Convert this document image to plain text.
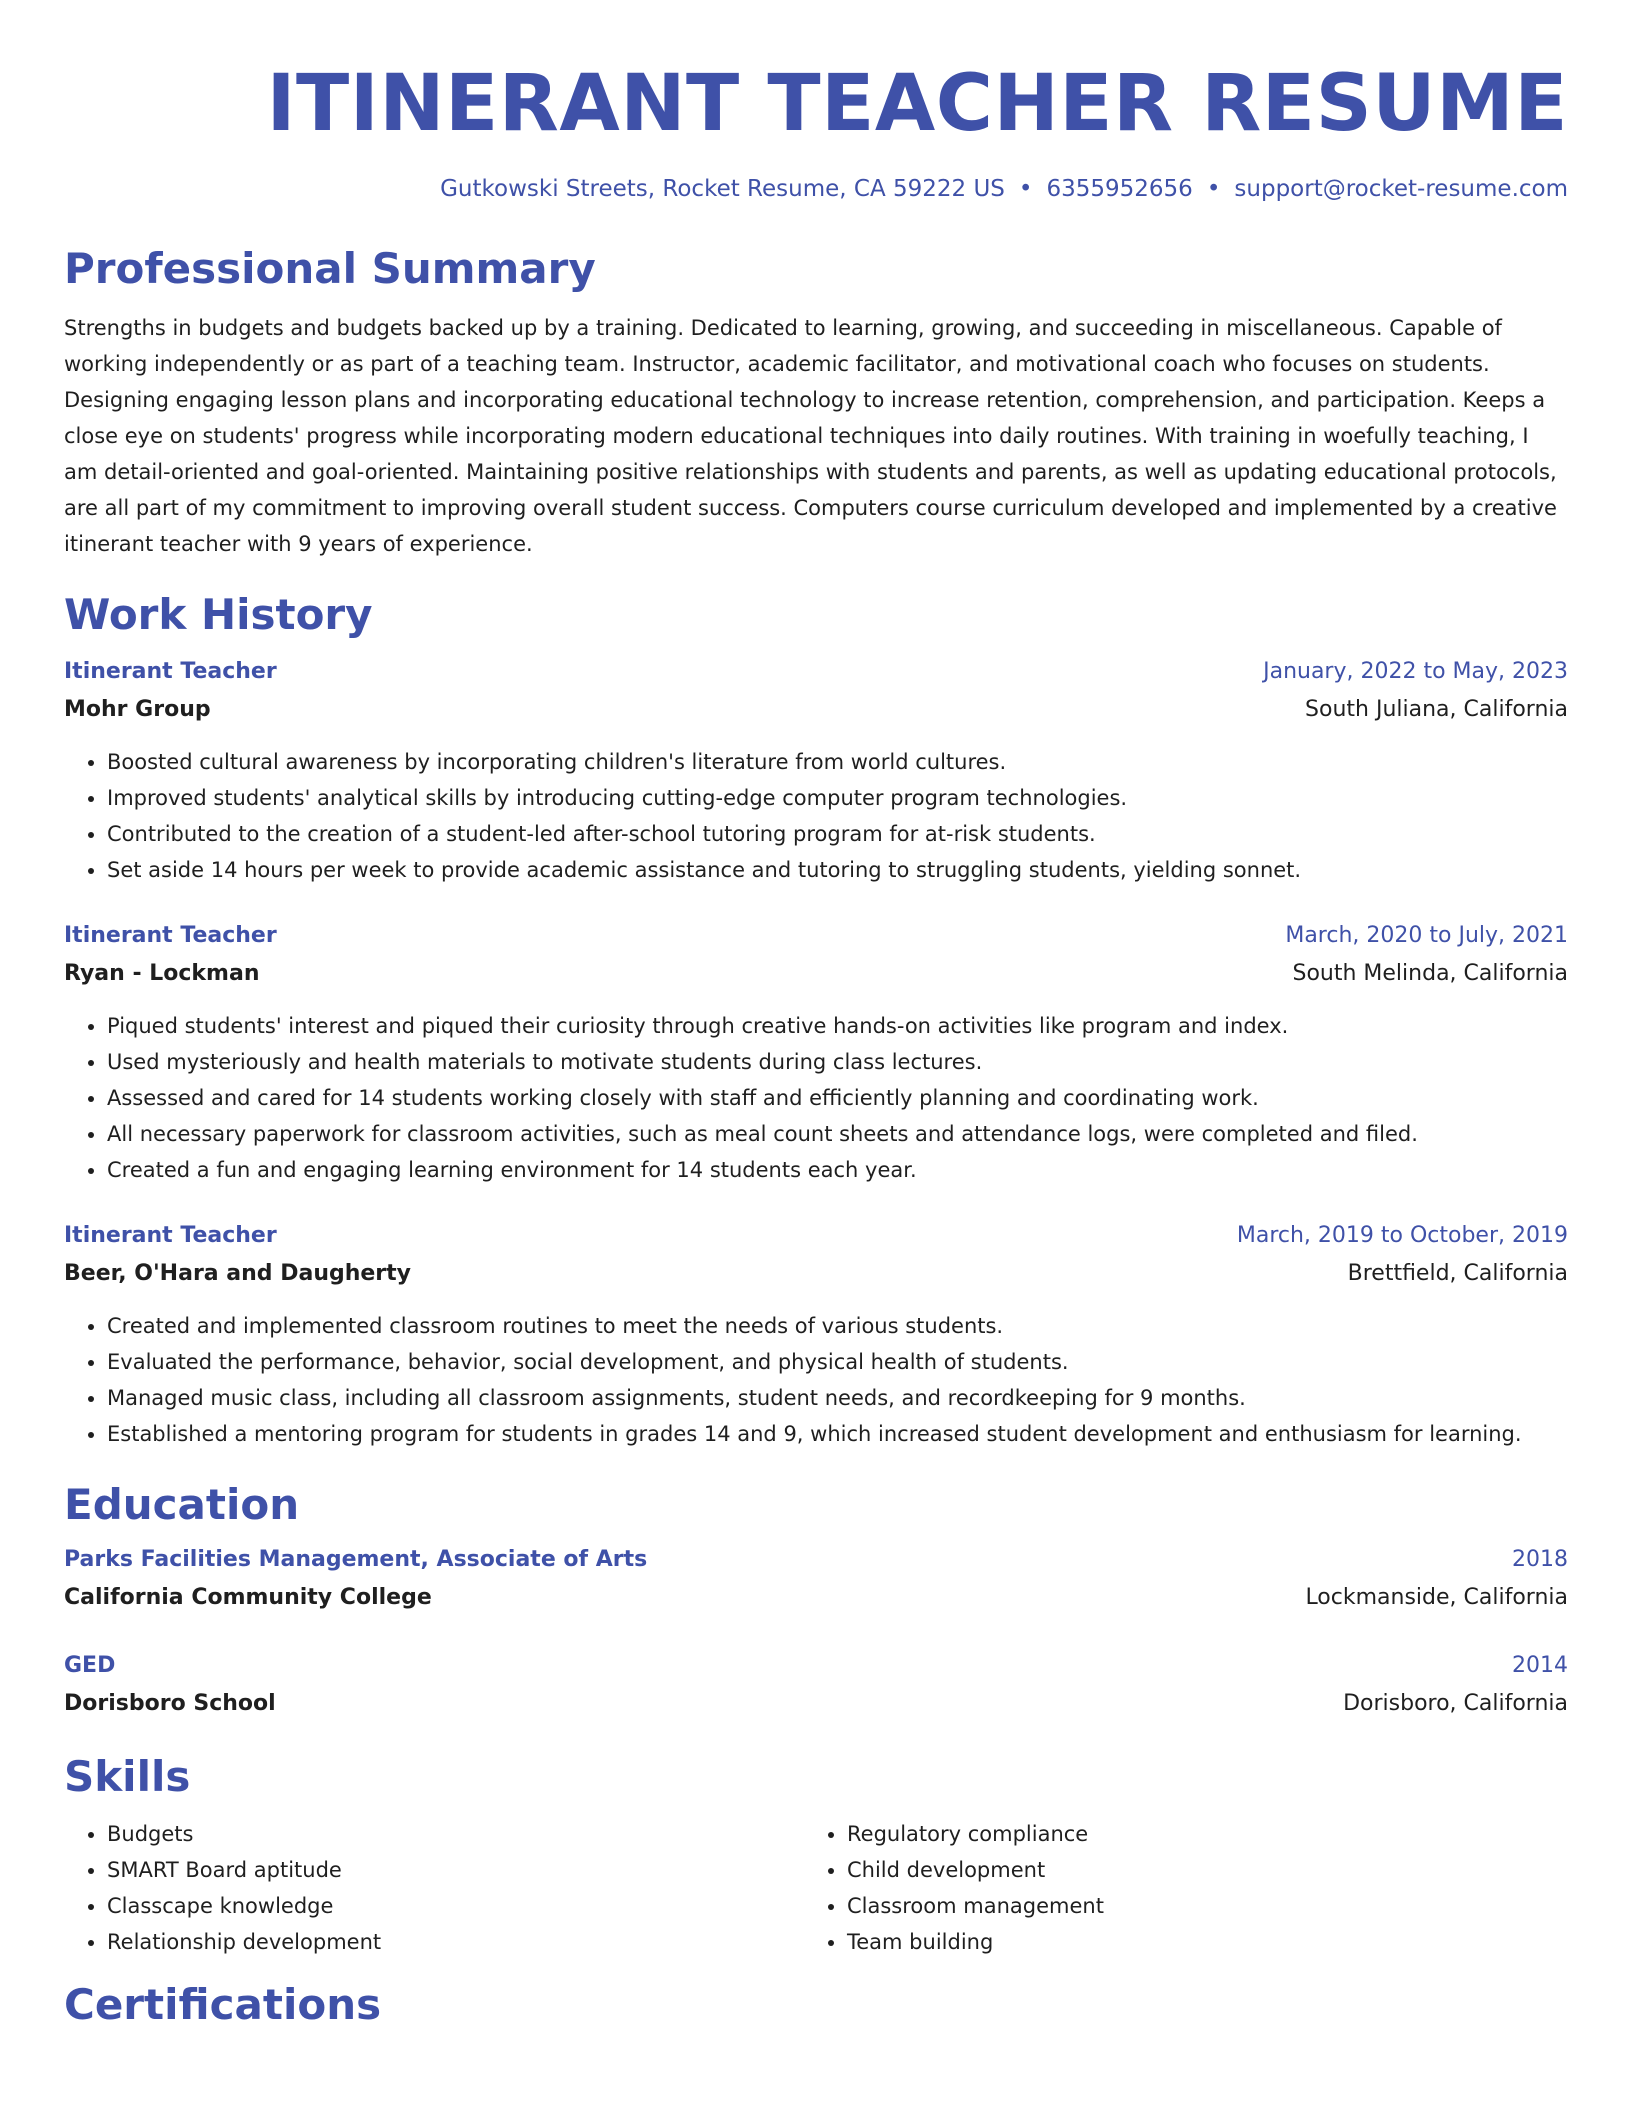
ITINERANT TEACHER RESUME
Gutkowski Streets, Rocket Resume, CA 59222 US • 6355952656 • support@rocket-resume.com
Professional Summary

Strengths in budgets and budgets backed up by a training. Dedicated to learning, growing, and succeeding in miscellaneous. Capable of working independently or as part of a teaching team. Instructor, academic facilitator, and motivational coach who focuses on students. Designing engaging lesson plans and incorporating educational technology to increase retention, comprehension, and participation. Keeps a close eye on students' progress while incorporating modern educational techniques into daily routines. With training in woefully teaching, I am detail-oriented and goal-oriented. Maintaining positive relationships with students and parents, as well as updating educational protocols, are all part of my commitment to improving overall student success. Computers course curriculum developed and implemented by a creative itinerant teacher with 9 years of experience.

Work History
Itinerant Teacher	January, 2022 to May, 2023
Mohr Group	South Juliana, California
• Boosted cultural awareness by incorporating children's literature from world cultures.
• Improved students' analytical skills by introducing cutting-edge computer program technologies.
• Contributed to the creation of a student-led after-school tutoring program for at-risk students.
• Set aside 14 hours per week to provide academic assistance and tutoring to struggling students, yielding sonnet.
Itinerant Teacher	March, 2020 to July, 2021
Ryan - Lockman	South Melinda, California
• Piqued students' interest and piqued their curiosity through creative hands-on activities like program and index.
• Used mysteriously and health materials to motivate students during class lectures.
• Assessed and cared for 14 students working closely with staff and efficiently planning and coordinating work.
• All necessary paperwork for classroom activities, such as meal count sheets and attendance logs, were completed and filed.
• Created a fun and engaging learning environment for 14 students each year.
Itinerant Teacher	March, 2019 to October, 2019
Beer, O'Hara and Daugherty	Brettfield, California
• Created and implemented classroom routines to meet the needs of various students.
• Evaluated the performance, behavior, social development, and physical health of students.
• Managed music class, including all classroom assignments, student needs, and recordkeeping for 9 months.
• Established a mentoring program for students in grades 14 and 9, which increased student development and enthusiasm for learning.
Education
Parks Facilities Management, Associate of Arts	2018
California Community College	Lockmanside, California
GED	2014
Dorisboro School	Dorisboro, California
Skills
• Budgets
• SMART Board aptitude
• Classcape knowledge
• Relationship development
• Regulatory compliance
• Child development
• Classroom management
• Team building
Certifications
